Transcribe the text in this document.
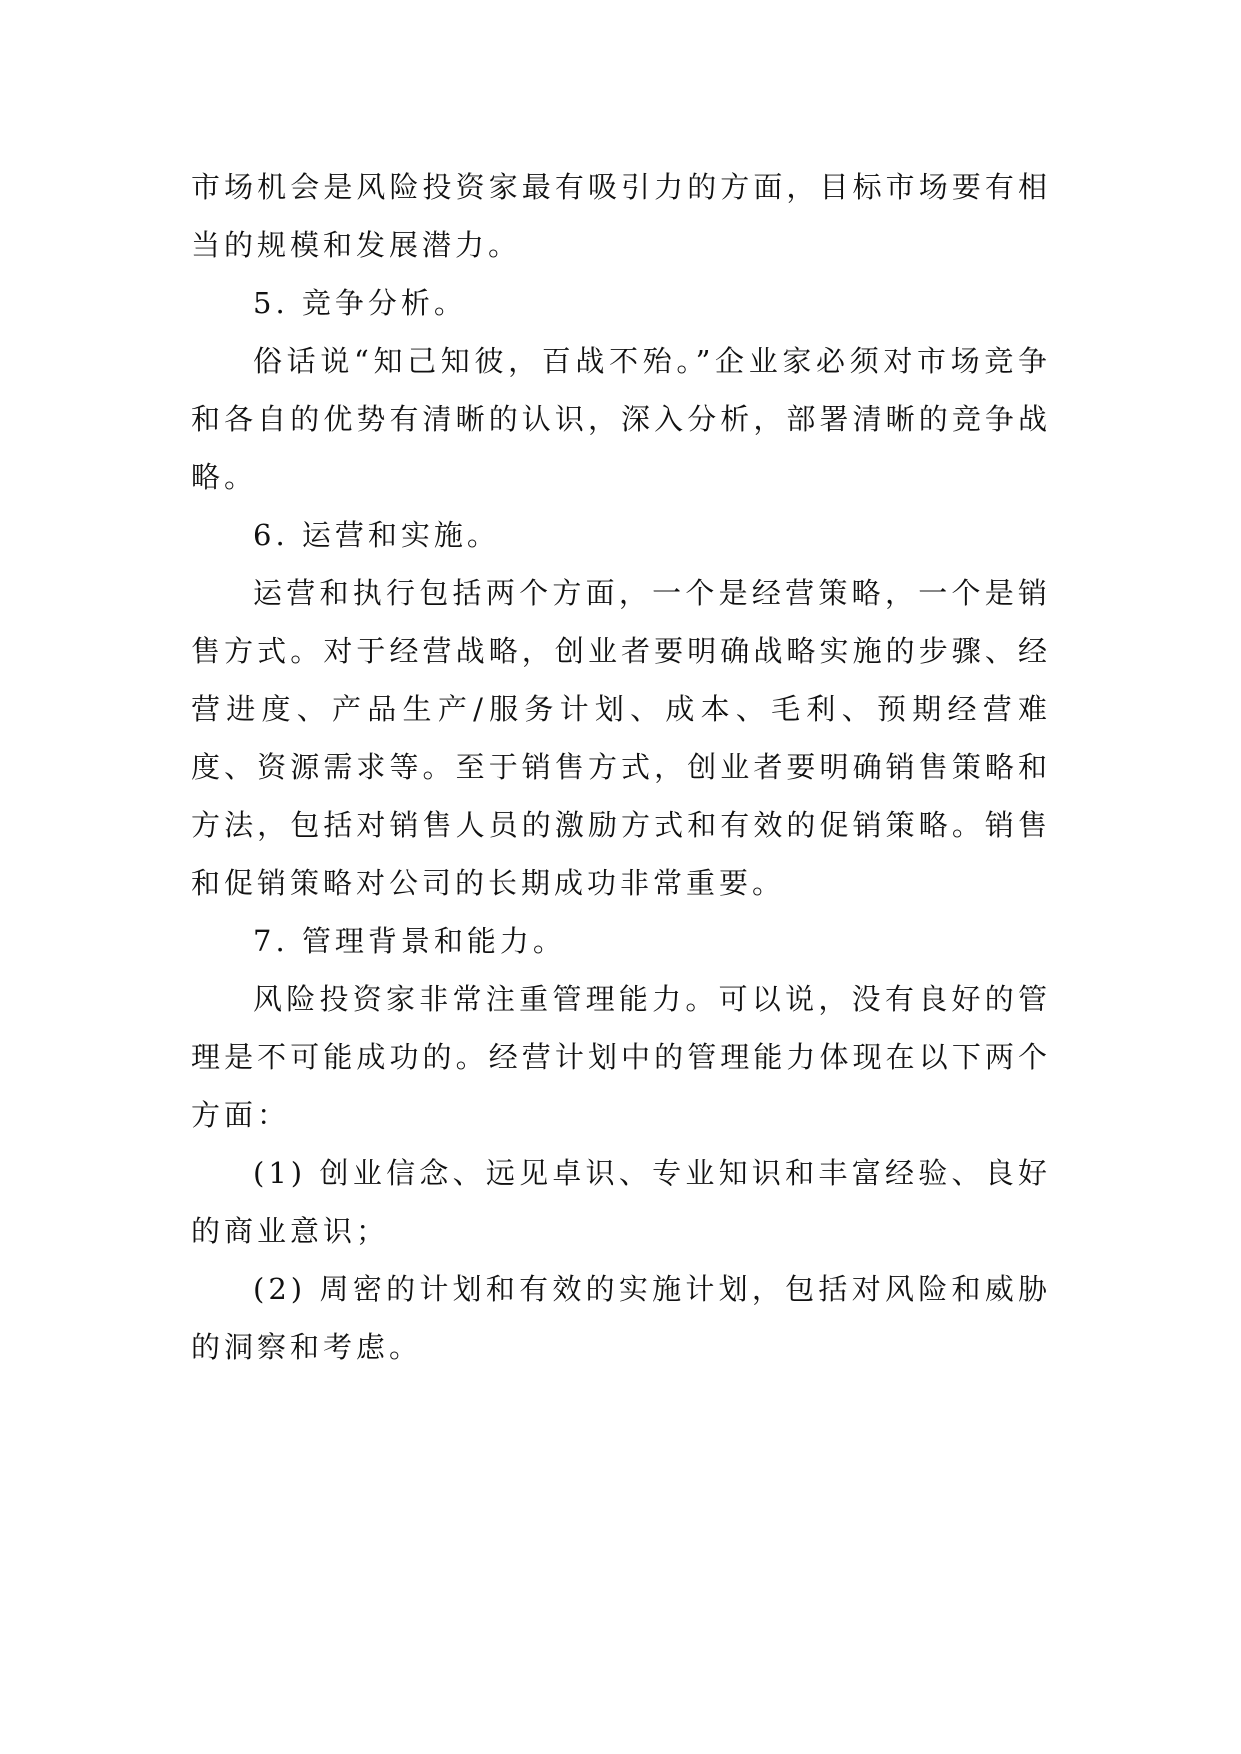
市场机会是风险投资家最有吸引力的方面，目标市场要有相当的规模和发展潜力。

5. 竞争分析。

俗话说“知己知彼，百战不殆。”企业家必须对市场竞争和各自的优势有清晰的认识，深入分析，部署清晰的竞争战略。

6. 运营和实施。

运营和执行包括两个方面，一个是经营策略，一个是销售方式。对于经营战略，创业者要明确战略实施的步骤、经营进度、产品生产/服务计划、成本、毛利、预期经营难度、资源需求等。至于销售方式，创业者要明确销售策略和方法，包括对销售人员的激励方式和有效的促销策略。销售和促销策略对公司的长期成功非常重要。

7. 管理背景和能力。

风险投资家非常注重管理能力。可以说，没有良好的管理是不可能成功的。经营计划中的管理能力体现在以下两个方面：

(1) 创业信念、远见卓识、专业知识和丰富经验、良好的商业意识；

(2) 周密的计划和有效的实施计划，包括对风险和威胁的洞察和考虑。
